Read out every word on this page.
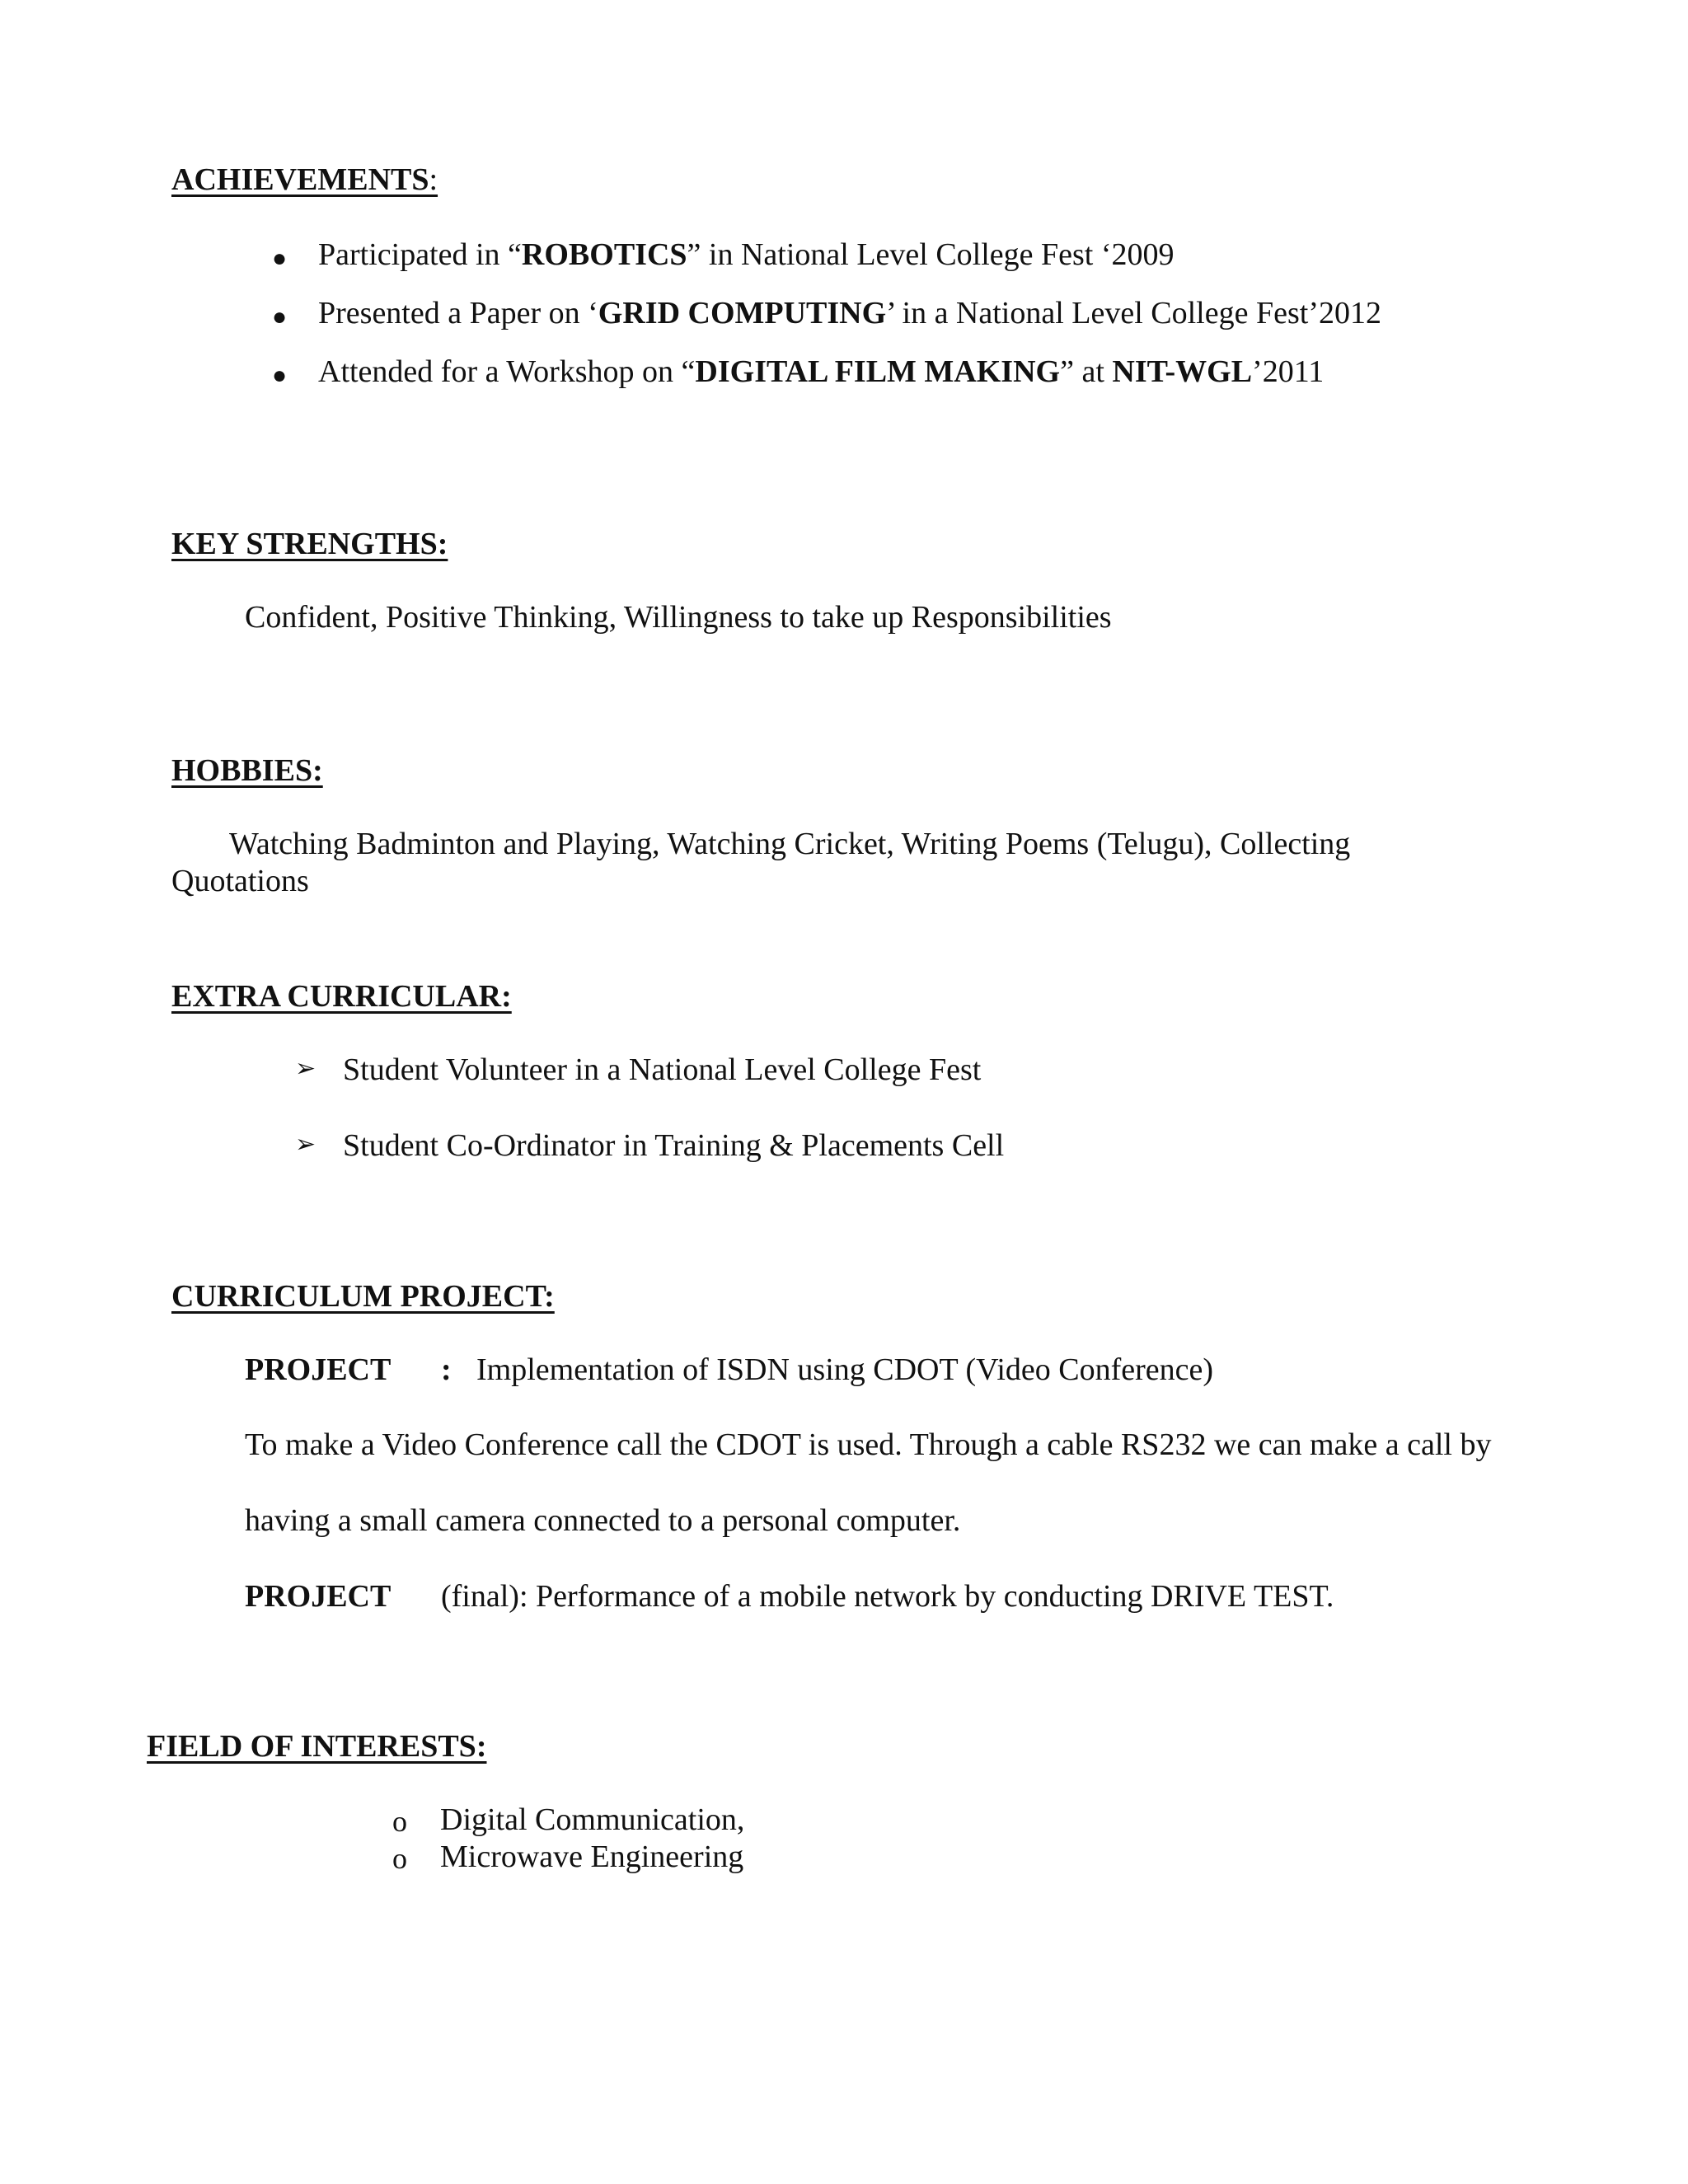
ACHIEVEMENTS:
● Participated in “ROBOTICS” in National Level College Fest ‘2009
● Presented a Paper on ‘GRID COMPUTING’ in a National Level College Fest’2012
● Attended for a Workshop on “DIGITAL FILM MAKING” at NIT-WGL’2011
KEY STRENGTHS:
Confident, Positive Thinking, Willingness to take up Responsibilities
HOBBIES:
Watching Badminton and Playing, Watching Cricket, Writing Poems (Telugu), Collecting
Quotations
EXTRA CURRICULAR:
➢ Student Volunteer in a National Level College Fest
➢ Student Co-Ordinator in Training & Placements Cell
CURRICULUM PROJECT:
PROJECT : Implementation of ISDN using CDOT (Video Conference)
To make a Video Conference call the CDOT is used. Through a cable RS232 we can make a call by
having a small camera connected to a personal computer.
PROJECT (final): Performance of a mobile network by conducting DRIVE TEST.
FIELD OF INTERESTS:
o Digital Communication,
o Microwave Engineering
